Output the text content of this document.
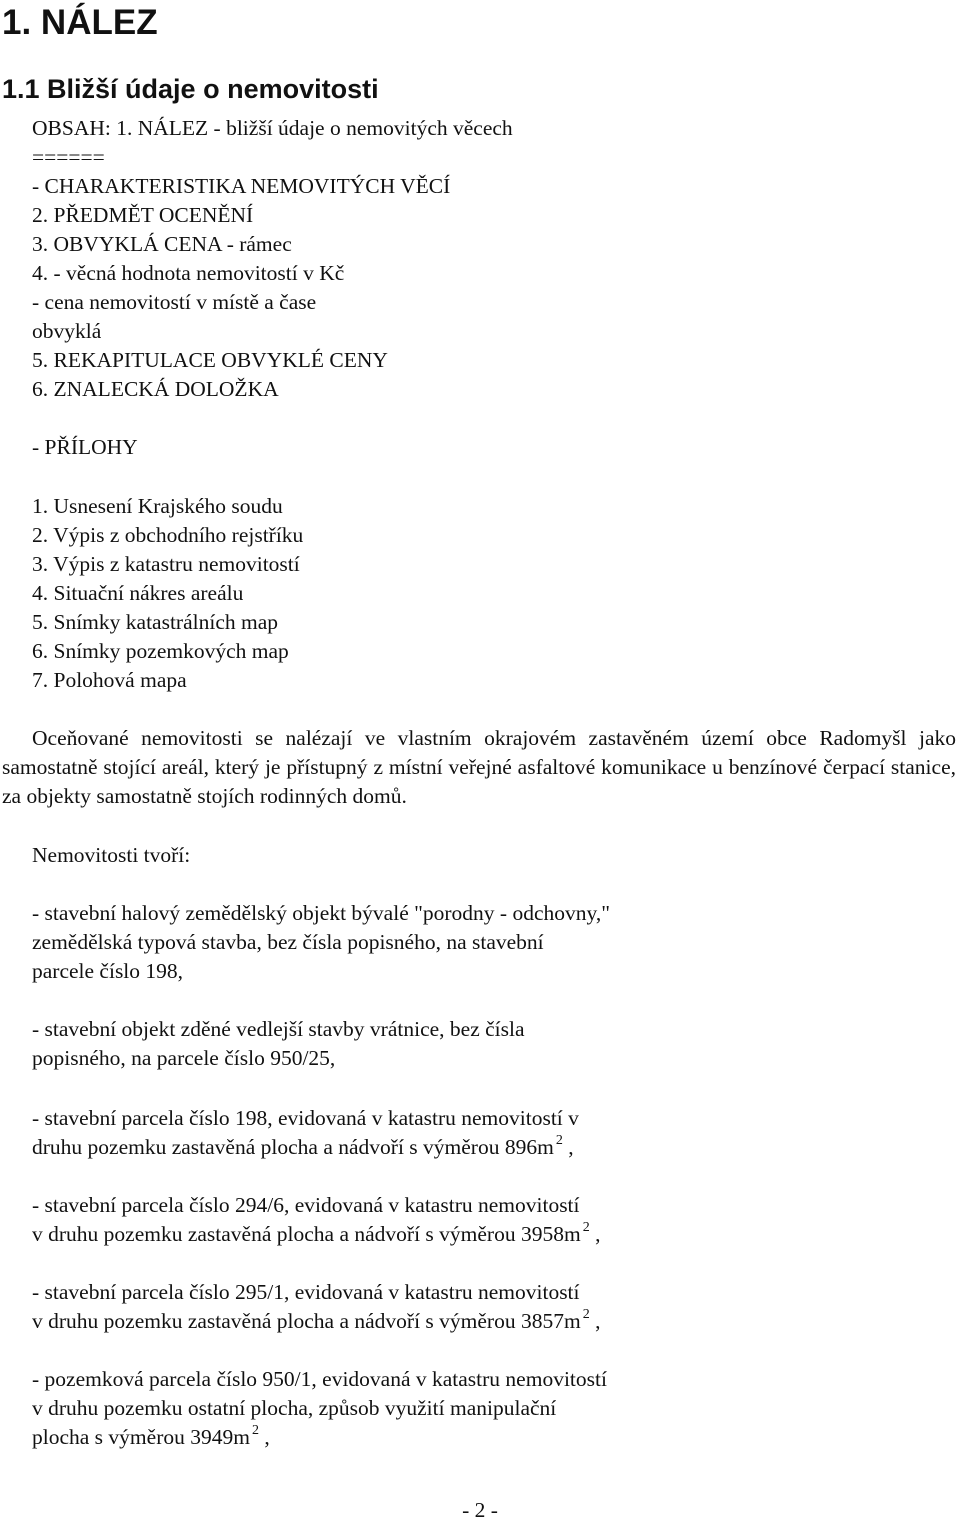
1. NÁLEZ
1.1 Bližší údaje o nemovitosti
OBSAH: 1. NÁLEZ - bližší údaje o nemovitých věcech
======
- CHARAKTERISTIKA NEMOVITÝCH VĚCÍ
2. PŘEDMĚT OCENĚNÍ
3. OBVYKLÁ CENA - rámec
4. - věcná hodnota nemovitostí v Kč
- cena nemovitostí v místě a čase
obvyklá
5. REKAPITULACE OBVYKLÉ CENY
6. ZNALECKÁ DOLOŽKA
- PŘÍLOHY
1. Usnesení Krajského soudu
2. Výpis z obchodního rejstříku
3. Výpis z katastru nemovitostí
4. Situační nákres areálu
5. Snímky katastrálních map
6. Snímky pozemkových map
7. Polohová mapa

Oceňované nemovitosti se nalézají ve vlastním okrajovém zastavěném území obce Radomyšl jako samostatně stojící areál, který je přístupný z místní veřejné asfaltové komunikace u benzínové čerpací stanice, za objekty samostatně stojích rodinných domů.

Nemovitosti tvoří:
- stavební halový zemědělský objekt bývalé "porodny - odchovny,"
zemědělská typová stavba, bez čísla popisného, na stavební
parcele číslo 198,
- stavební objekt zděné vedlejší stavby vrátnice, bez čísla
popisného, na parcele číslo 950/25,
- stavební parcela číslo 198, evidovaná v katastru nemovitostí v
druhu pozemku zastavěná plocha a nádvoří s výměrou 896m $^2$ ,
- stavební parcela číslo 294/6, evidovaná v katastru nemovitostí
v druhu pozemku zastavěná plocha a nádvoří s výměrou 3958m $^2$ ,
- stavební parcela číslo 295/1, evidovaná v katastru nemovitostí
v druhu pozemku zastavěná plocha a nádvoří s výměrou 3857m $^2$ ,
- pozemková parcela číslo 950/1, evidovaná v katastru nemovitostí
v druhu pozemku ostatní plocha, způsob využití manipulační
plocha s výměrou 3949m $^2$ ,

- 2 -
